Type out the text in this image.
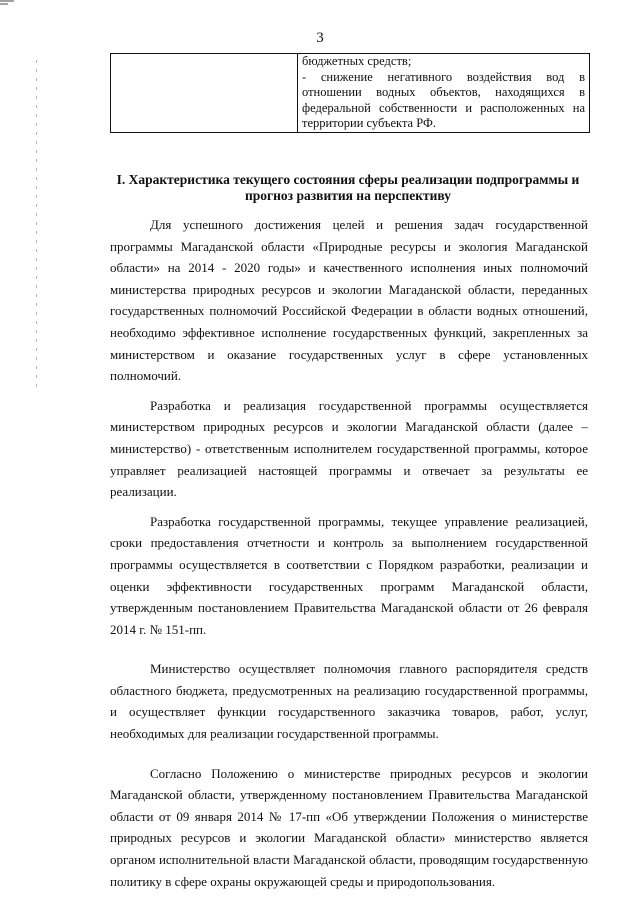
3

бюджетных средств;
- снижение негативного воздействия вод в отношении водных объектов, находящихся в федеральной собственности и расположенных на территории субъекта РФ.
I. Характеристика текущего состояния сферы реализации подпрограммы и прогноз развития на перспективу

Для успешного достижения целей и решения задач государственной программы Магаданской области «Природные ресурсы и экология Магаданской области» на 2014 - 2020 годы» и качественного исполнения иных полномочий министерства природных ресурсов и экологии Магаданской области, переданных государственных полномочий Российской Федерации в области водных отношений, необходимо эффективное исполнение государственных функций, закрепленных за министерством и оказание государственных услуг в сфере установленных полномочий.

Разработка и реализация государственной программы осуществляется министерством природных ресурсов и экологии Магаданской области (далее – министерство) - ответственным исполнителем государственной программы, которое управляет реализацией настоящей программы и отвечает за результаты ее реализации.

Разработка государственной программы, текущее управление реализацией, сроки предоставления отчетности и контроль за выполнением государственной программы осуществляется в соответствии с Порядком разработки, реализации и оценки эффективности государственных программ Магаданской области, утвержденным постановлением Правительства Магаданской области от 26 февраля 2014 г. № 151-пп.

Министерство осуществляет полномочия главного распорядителя средств областного бюджета, предусмотренных на реализацию государственной программы, и осуществляет функции государственного заказчика товаров, работ, услуг, необходимых для реализации государственной программы.

Согласно Положению о министерстве природных ресурсов и экологии Магаданской области, утвержденному постановлением Правительства Магаданской области от 09 января 2014 № 17-пп «Об утверждении Положения о министерстве природных ресурсов и экологии Магаданской области» министерство является органом исполнительной власти Магаданской области, проводящим государственную политику в сфере охраны окружающей среды и природопользования.
